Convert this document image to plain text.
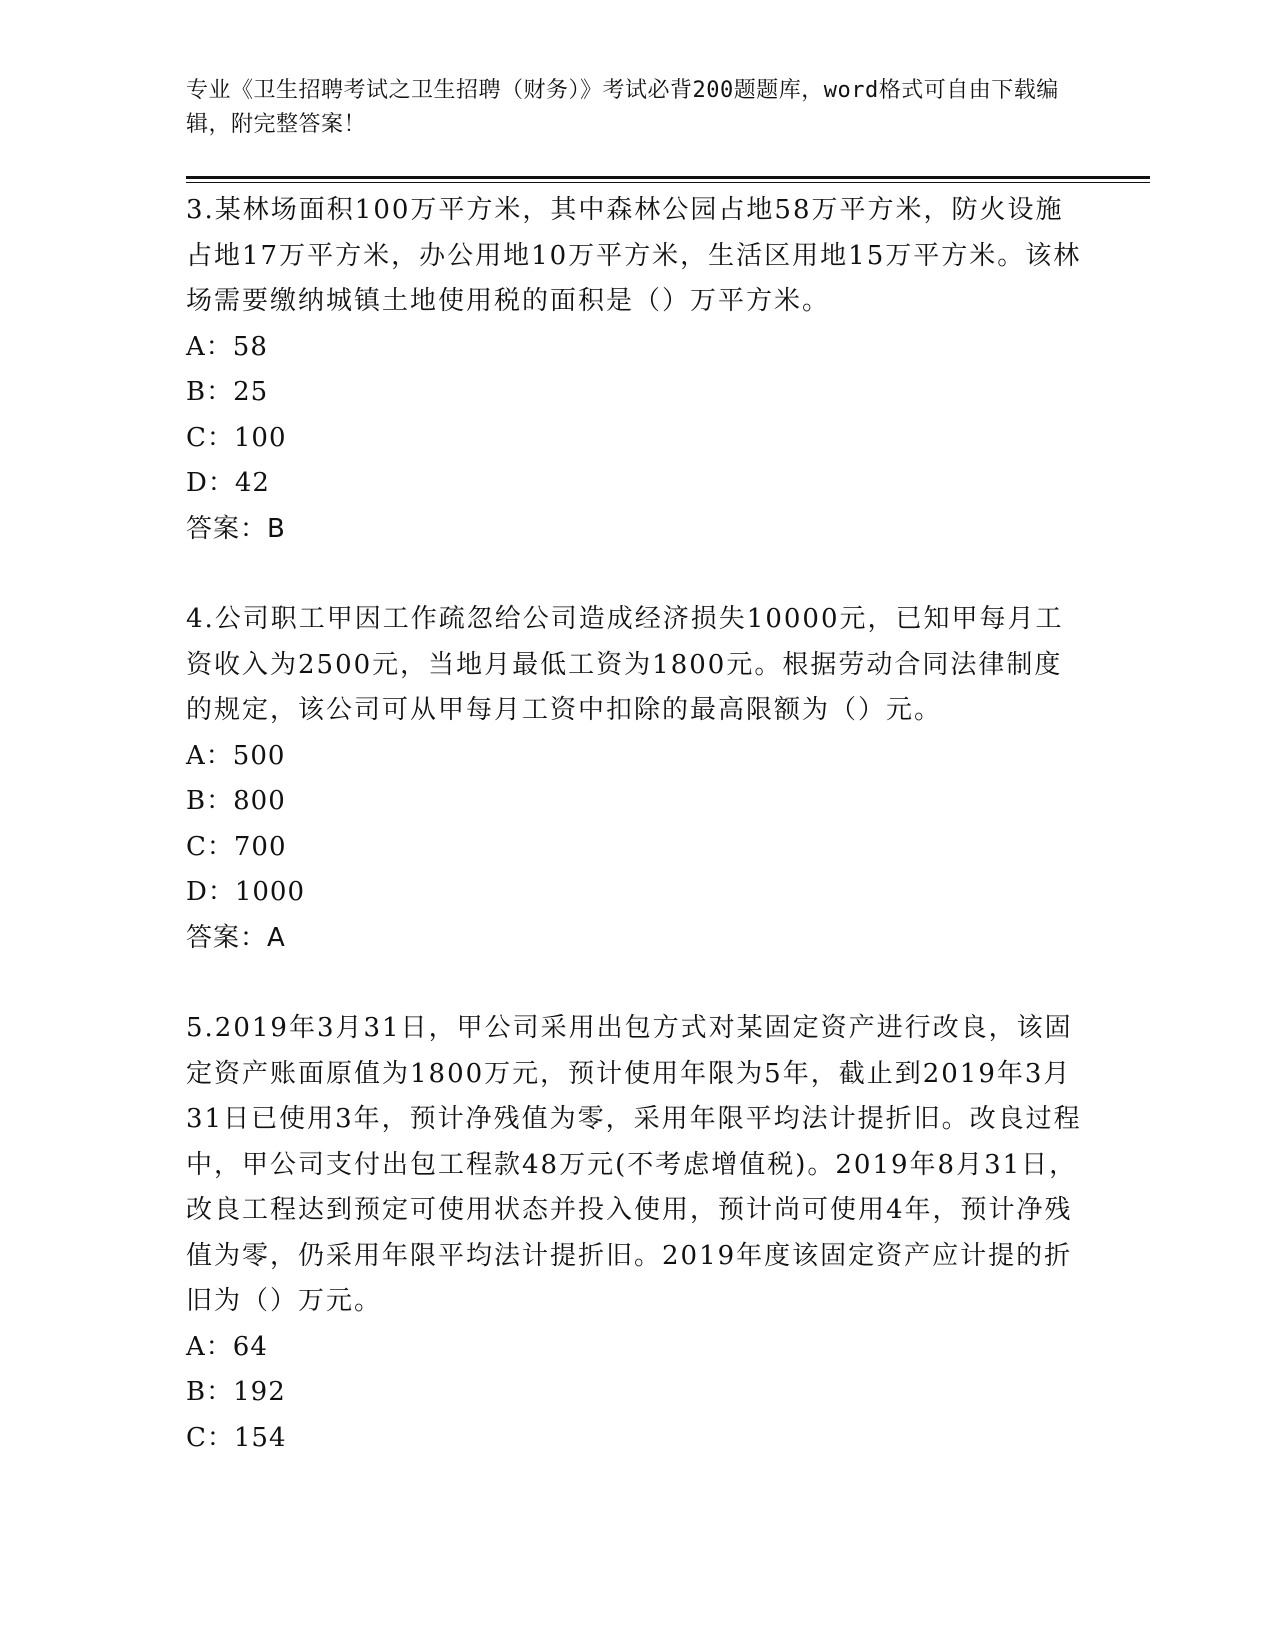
专业《卫生招聘考试之卫生招聘（财务）》考试必背200题题库，word格式可自由下载编辑，附完整答案！
3.某林场面积100万平方米，其中森林公园占地58万平方米，防火设施占地17万平方米，办公用地10万平方米，生活区用地15万平方米。该林场需要缴纳城镇土地使用税的面积是（）万平方米。
A：58
B：25
C：100
D：42
答案：B
4.公司职工甲因工作疏忽给公司造成经济损失10000元，已知甲每月工资收入为2500元，当地月最低工资为1800元。根据劳动合同法律制度的规定，该公司可从甲每月工资中扣除的最高限额为（）元。
A：500
B：800
C：700
D：1000
答案：A
5.2019年3月31日，甲公司采用出包方式对某固定资产进行改良，该固定资产账面原值为1800万元，预计使用年限为5年，截止到2019年3月31日已使用3年，预计净残值为零，采用年限平均法计提折旧。改良过程中，甲公司支付出包工程款48万元(不考虑增值税)。2019年8月31日，改良工程达到预定可使用状态并投入使用，预计尚可使用4年，预计净残值为零，仍采用年限平均法计提折旧。2019年度该固定资产应计提的折旧为（）万元。
A：64
B：192
C：154
